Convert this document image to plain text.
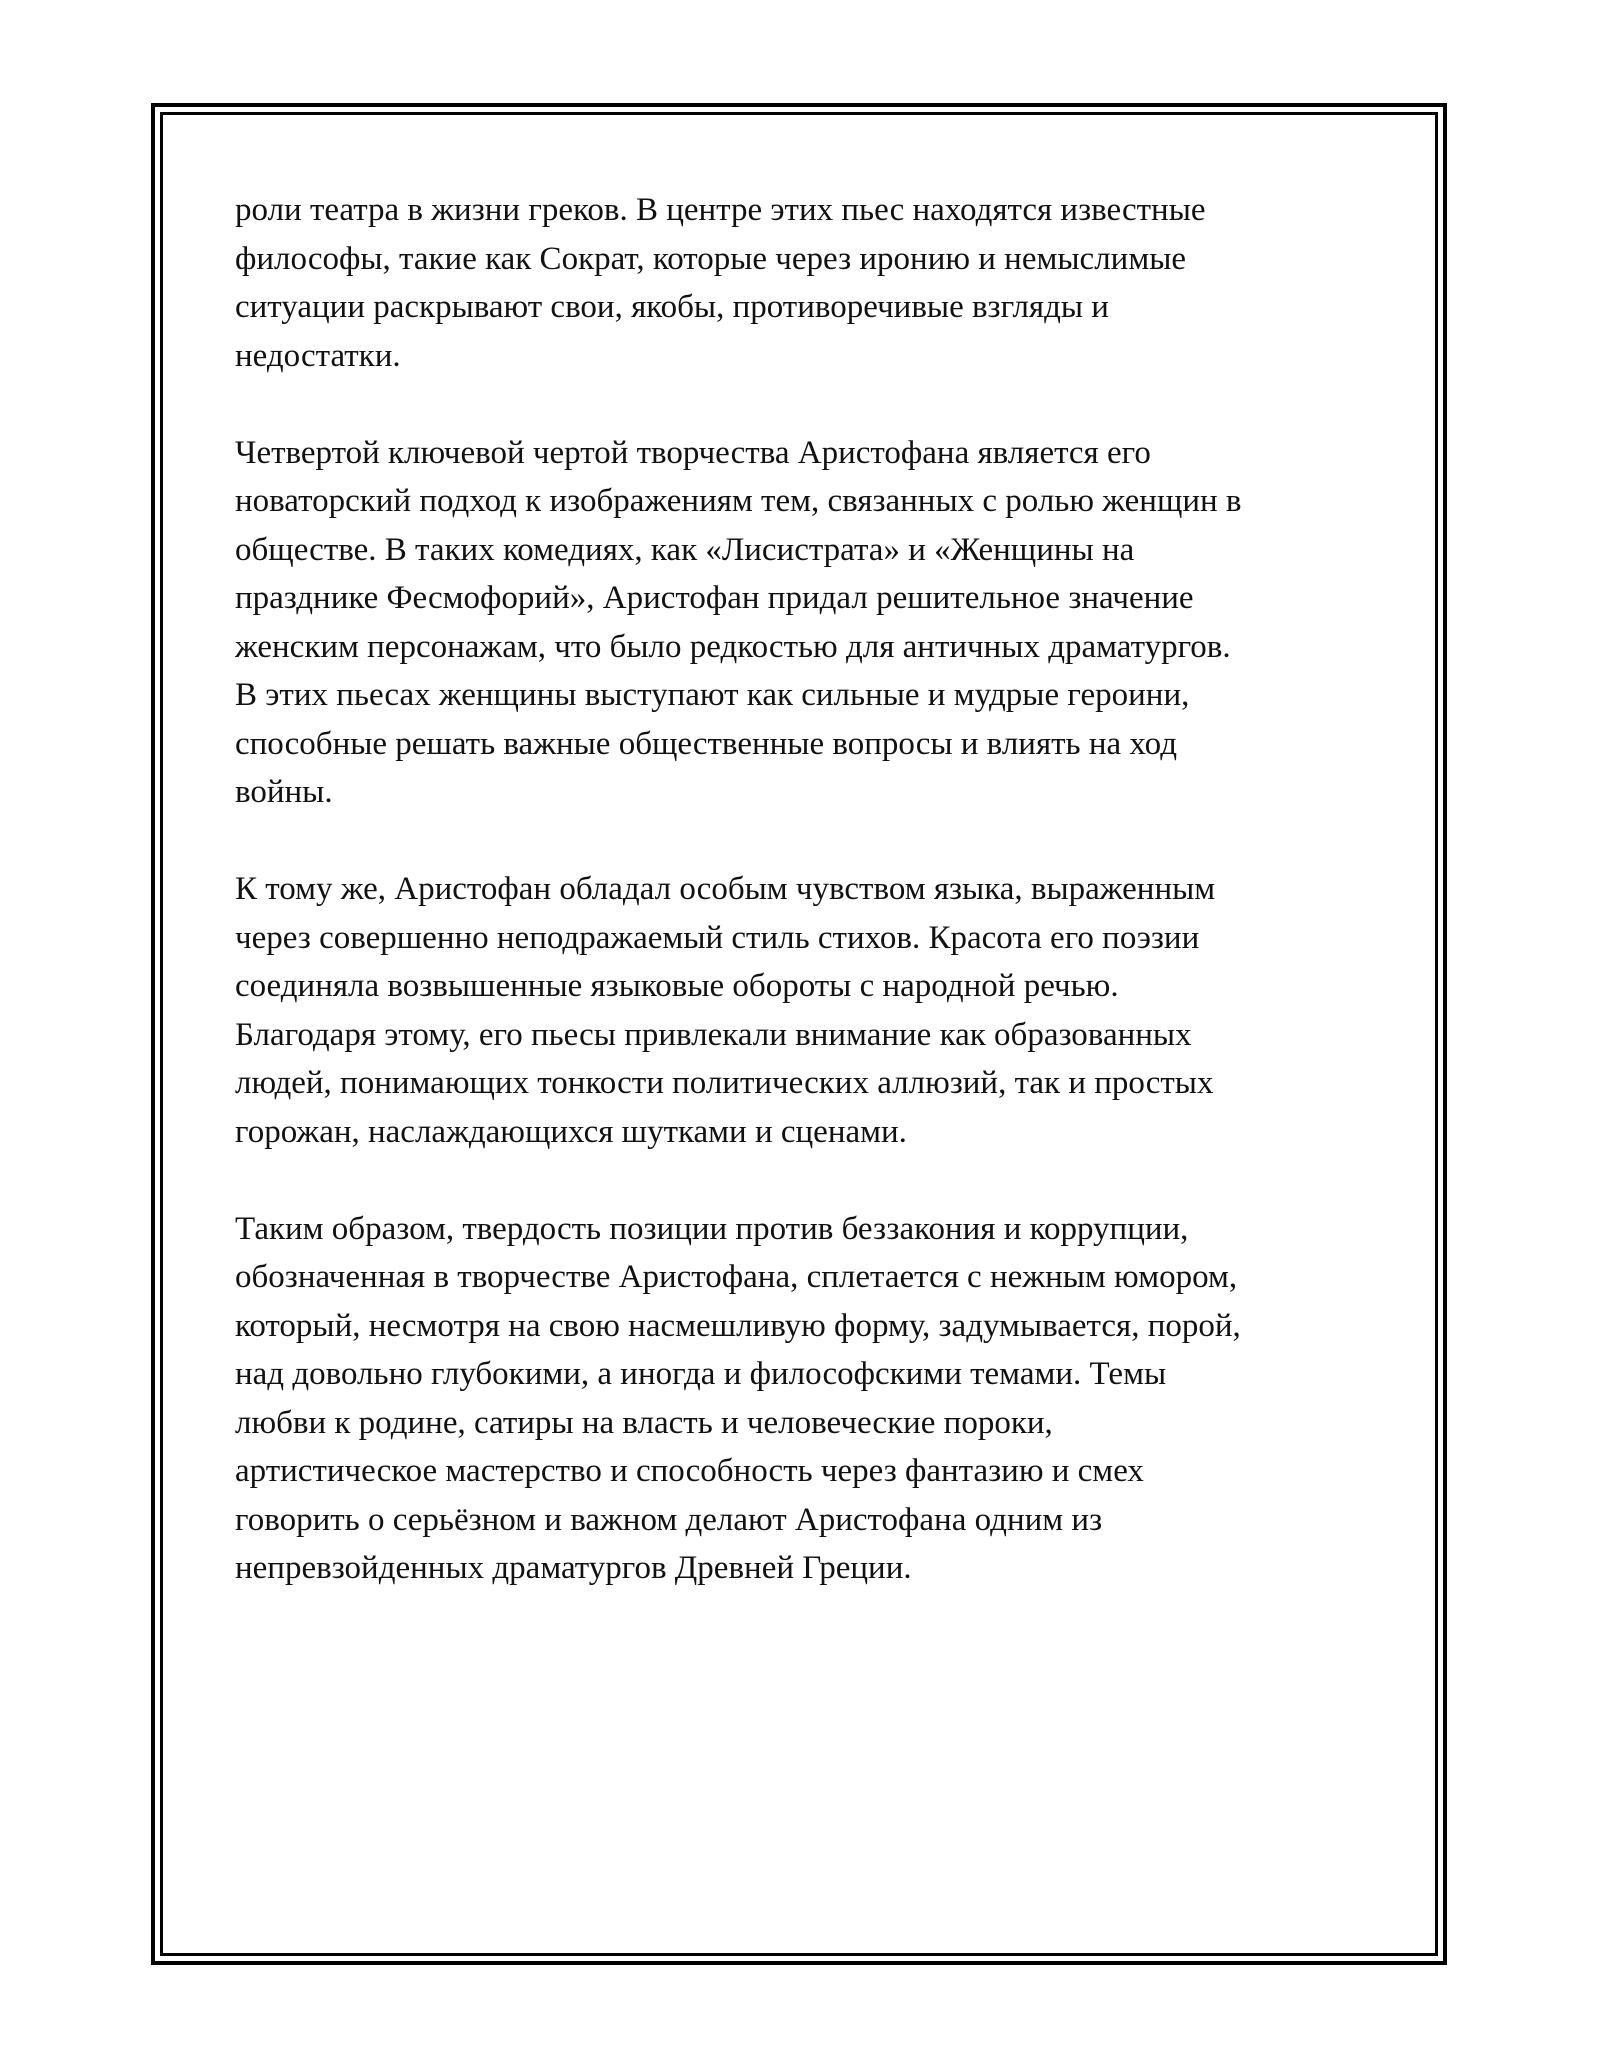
роли театра в жизни греков. В центре этих пьес находятся известные
философы, такие как Сократ, которые через иронию и немыслимые
ситуации раскрывают свои, якобы, противоречивые взгляды и
недостатки.

Четвертой ключевой чертой творчества Аристофана является его
новаторский подход к изображениям тем, связанных с ролью женщин в
обществе. В таких комедиях, как «Лисистрата» и «Женщины на
празднике Фесмофорий», Аристофан придал решительное значение
женским персонажам, что было редкостью для античных драматургов.
В этих пьесах женщины выступают как сильные и мудрые героини,
способные решать важные общественные вопросы и влиять на ход
войны.

К тому же, Аристофан обладал особым чувством языка, выраженным
через совершенно неподражаемый стиль стихов. Красота его поэзии
соединяла возвышенные языковые обороты с народной речью.
Благодаря этому, его пьесы привлекали внимание как образованных
людей, понимающих тонкости политических аллюзий, так и простых
горожан, наслаждающихся шутками и сценами.

Таким образом, твердость позиции против беззакония и коррупции,
обозначенная в творчестве Аристофана, сплетается с нежным юмором,
который, несмотря на свою насмешливую форму, задумывается, порой,
над довольно глубокими, а иногда и философскими темами. Темы
любви к родине, сатиры на власть и человеческие пороки,
артистическое мастерство и способность через фантазию и смех
говорить о серьёзном и важном делают Аристофана одним из
непревзойденных драматургов Древней Греции.
